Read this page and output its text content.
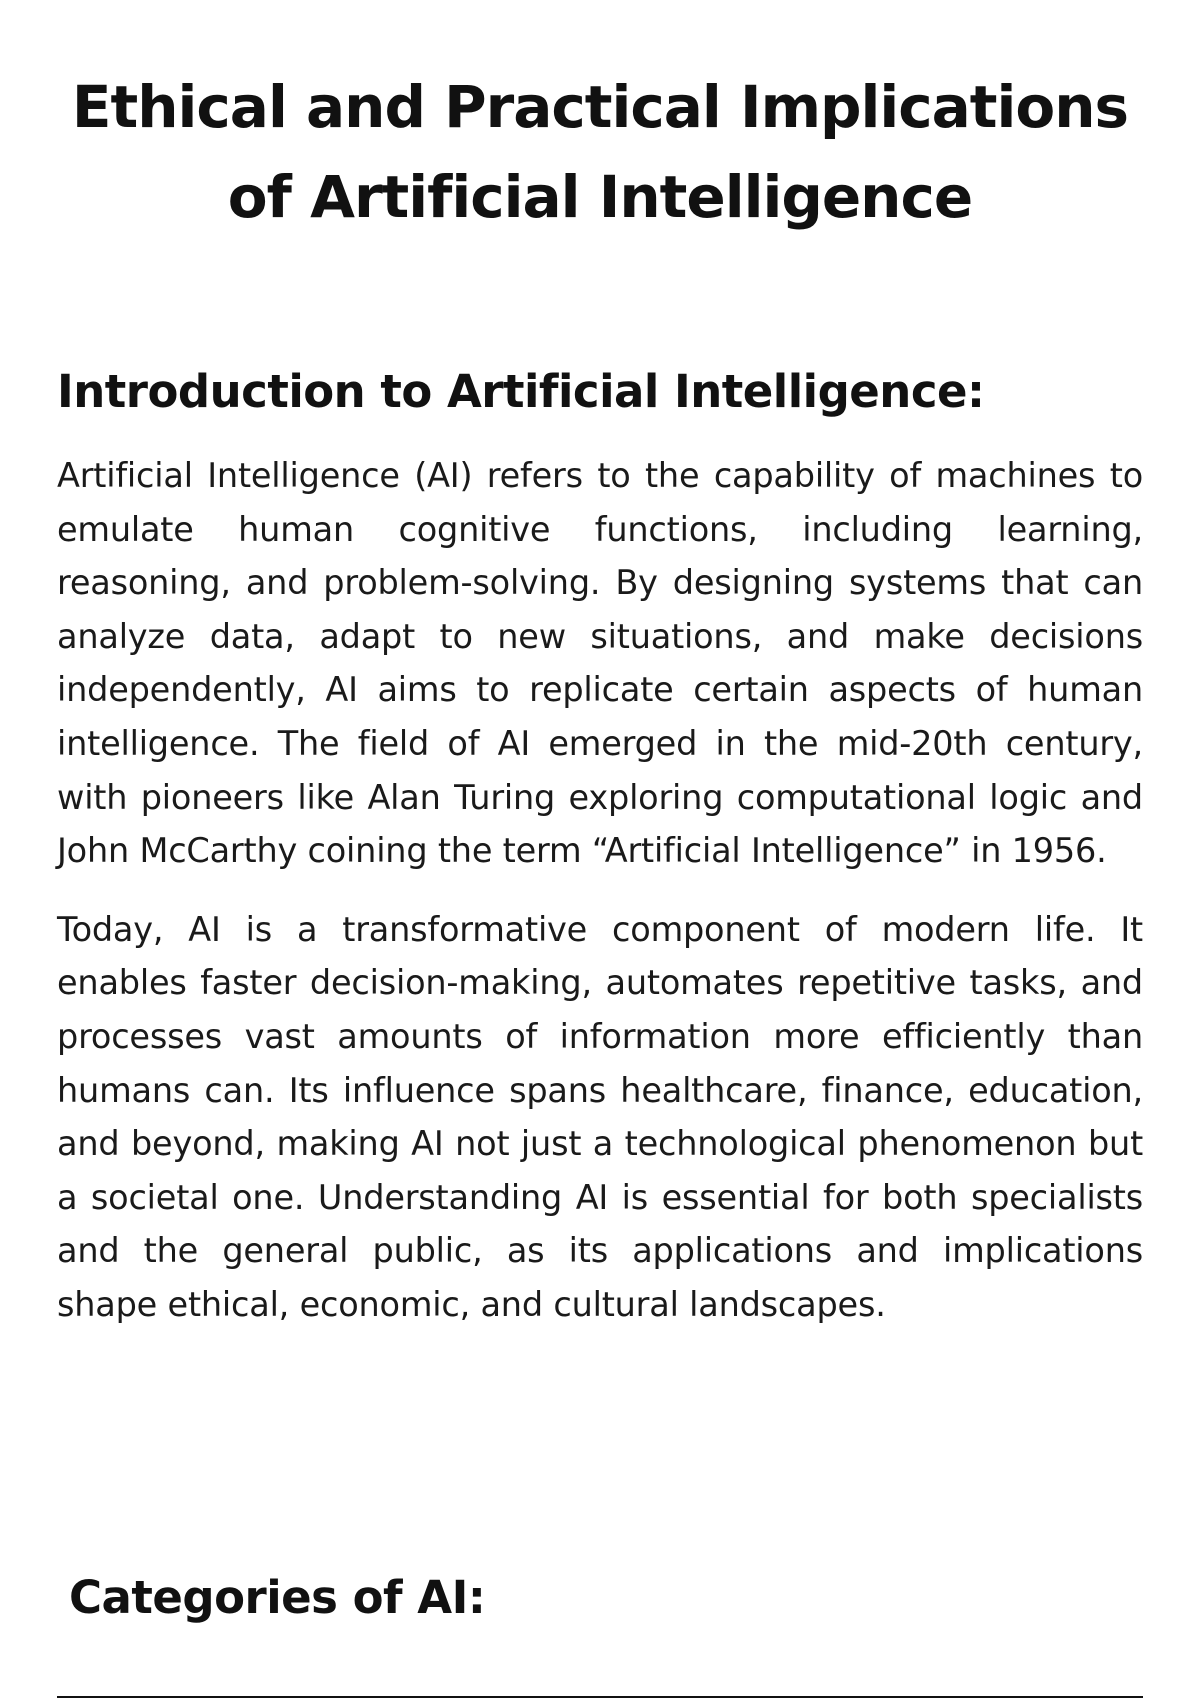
Ethical and Practical Implications of Artificial Intelligence
Introduction to Artificial Intelligence:

Artificial Intelligence (AI) refers to the capability of machines to emulate human cognitive functions, including learning, reasoning, and problem-solving. By designing systems that can analyze data, adapt to new situations, and make decisions independently, AI aims to replicate certain aspects of human intelligence. The field of AI emerged in the mid-20th century, with pioneers like Alan Turing exploring computational logic and John McCarthy coining the term “Artificial Intelligence” in 1956.

Today, AI is a transformative component of modern life. It enables faster decision-making, automates repetitive tasks, and processes vast amounts of information more efficiently than humans can. Its influence spans healthcare, finance, education, and beyond, making AI not just a technological phenomenon but a societal one. Understanding AI is essential for both specialists and the general public, as its applications and implications shape ethical, economic, and cultural landscapes.

Categories of AI:
